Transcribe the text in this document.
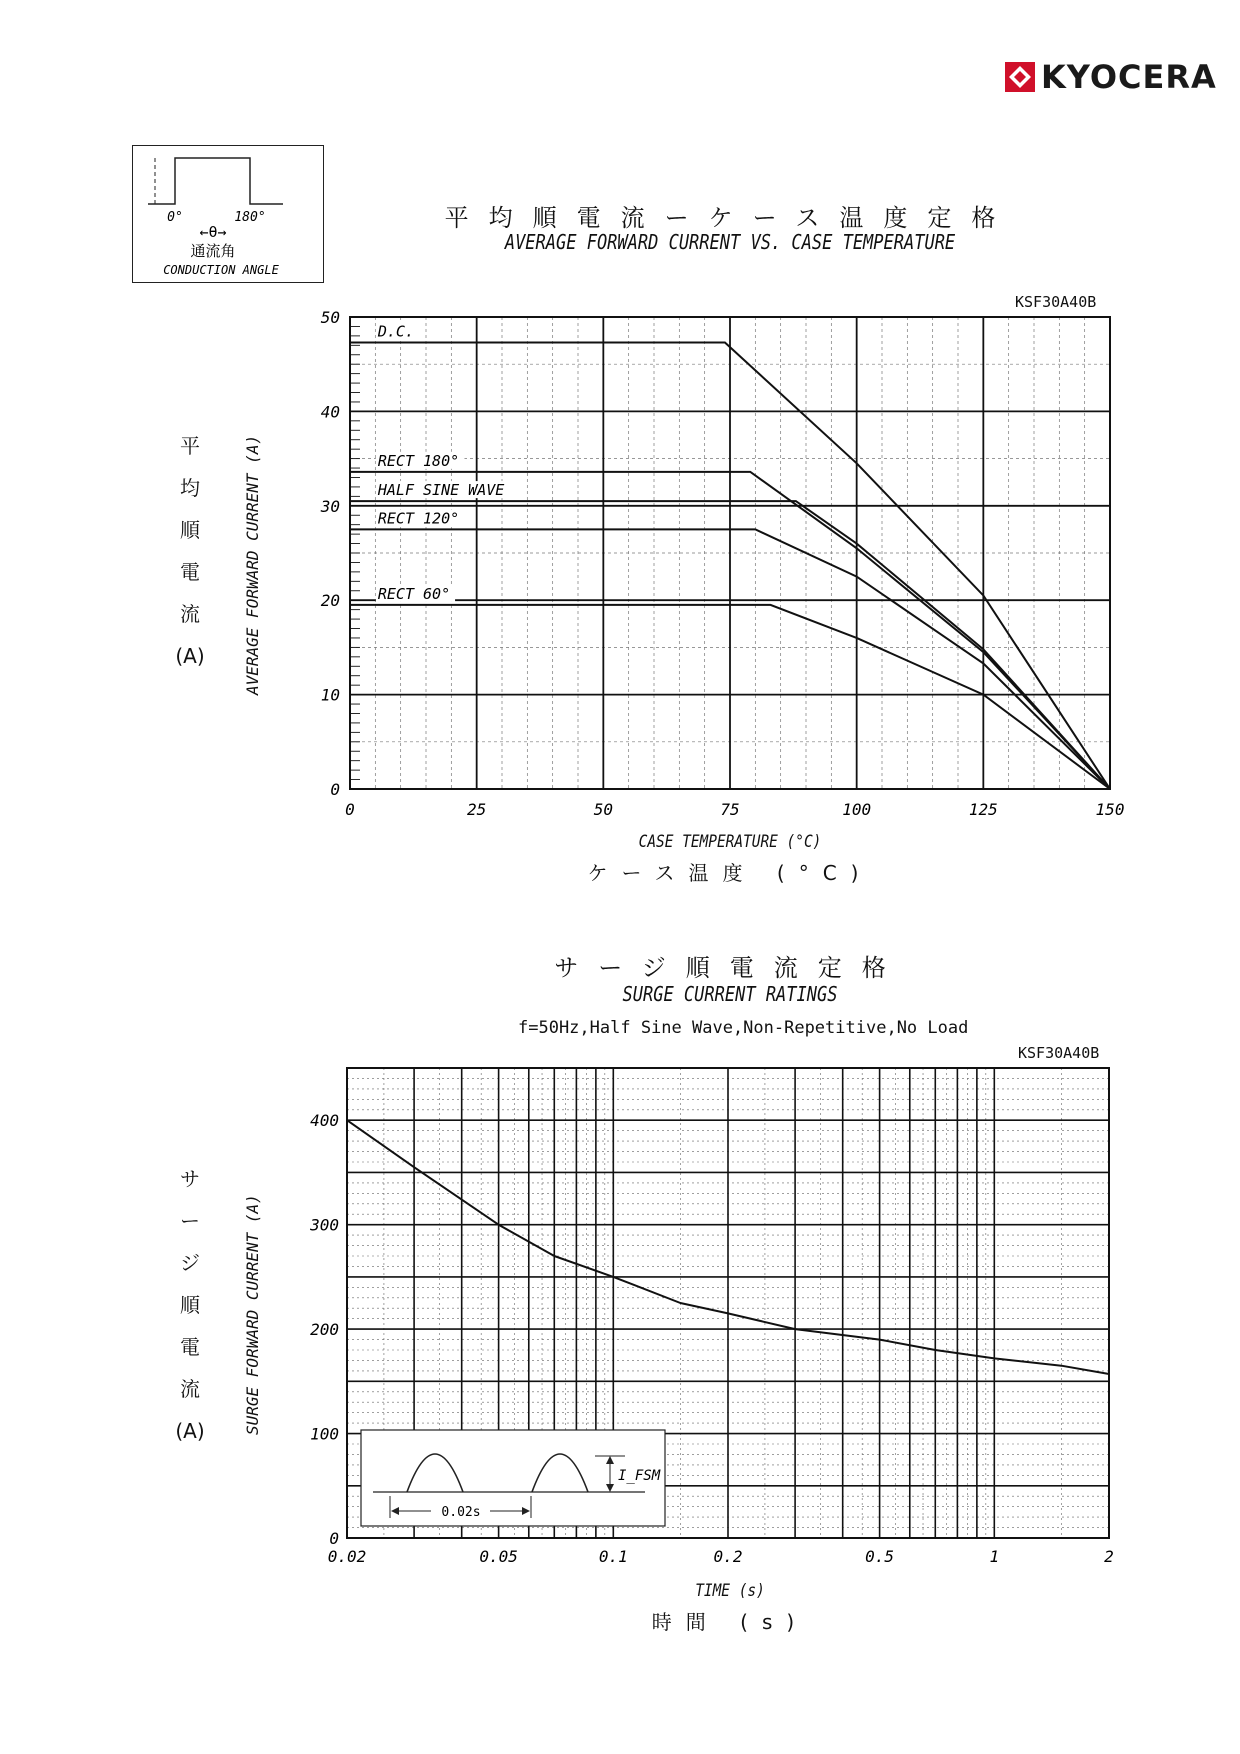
KYOCERA
0°	180°
←θ→
通流角
CONDUCTION ANGLE
平均順電流ーケース温度定格
AVERAGE FORWARD CURRENT VS. CASE TEMPERATURE
KSF30A40B
平
均
順
電
流
(A) AVERAGE FORWARD CURRENT (A)
0	25	50	75	100	125	150
0
10
20
30
40
50
D.C.
RECT 180°
HALF SINE WAVE
RECT 120°
RECT 60°
CASE TEMPERATURE (°C)
ケース温度 (°C)
サージ順電流定格
SURGE CURRENT RATINGS
f=50Hz,Half Sine Wave,Non-Repetitive,No Load
KSF30A40B
サ
ー
ジ
順
電
流
(A) SURGE FORWARD CURRENT (A)
0.02	0.05	0.1	0.2	0.5	1	2
0
100
200
300
400
I_FSM
0.02s
TIME (s)
時間 (s)
